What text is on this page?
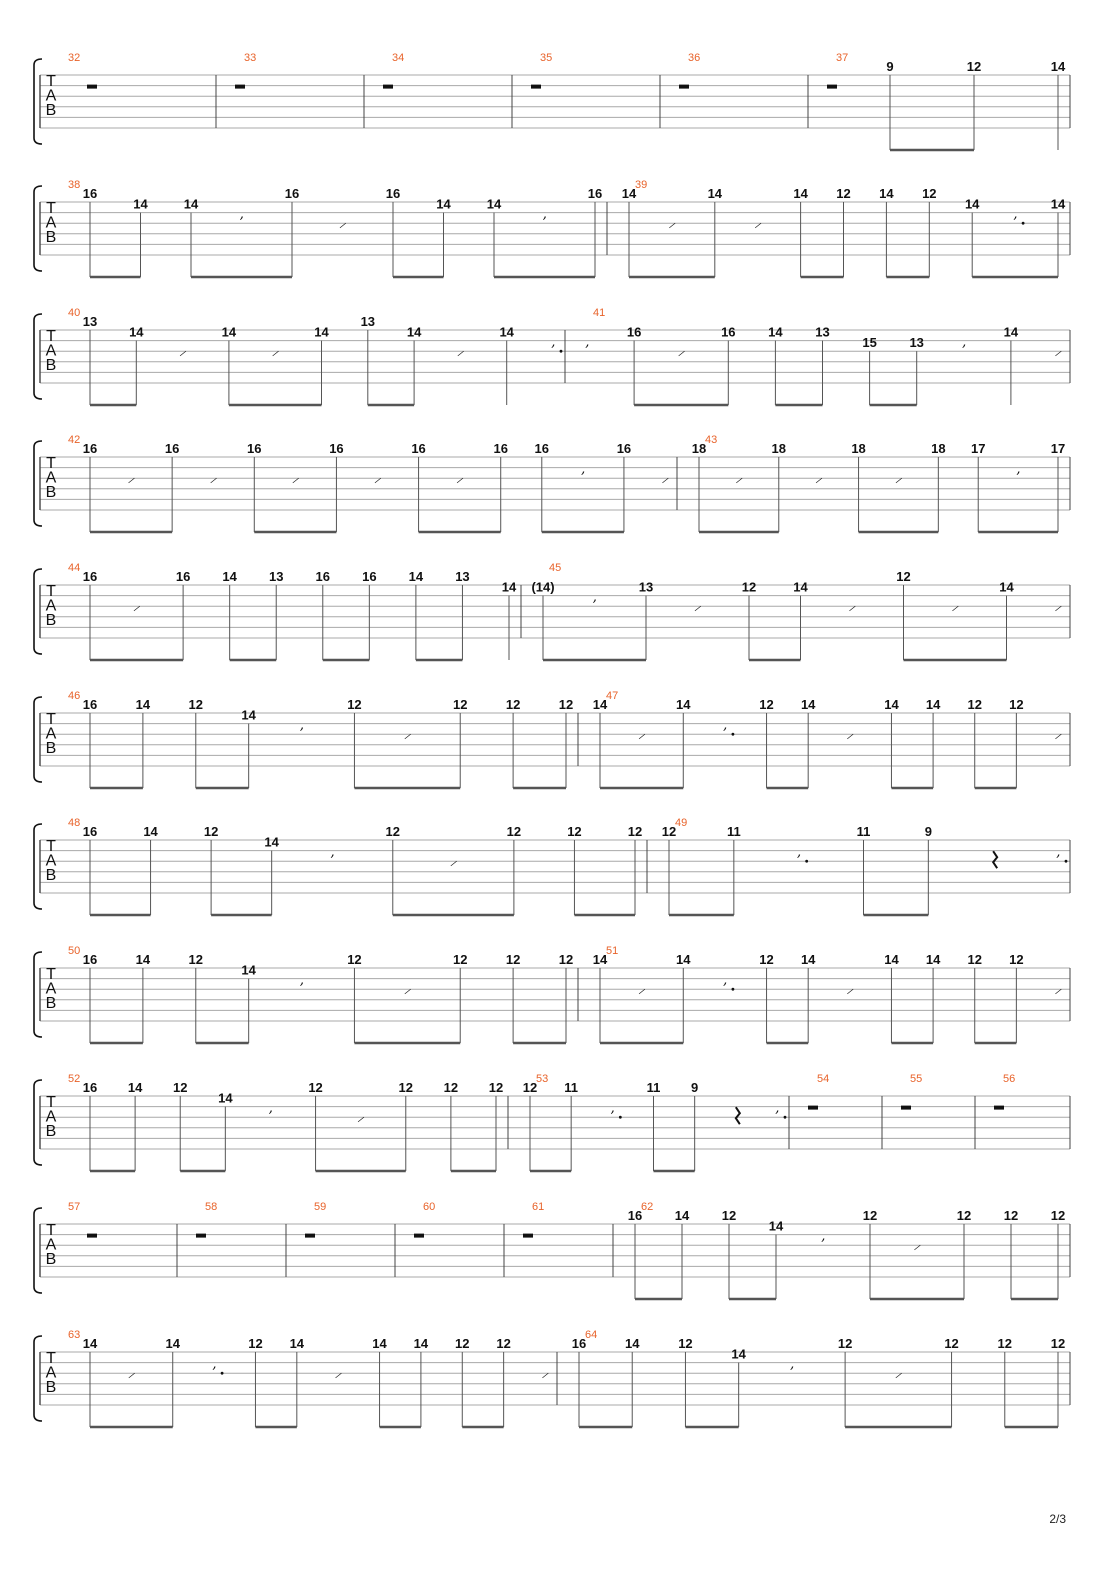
T
A
B
32	33	34	35	36	37
9	12	14
T
A
B
38
16
14	14
’
16
⸝
16
14	14
’
16
39
14
⸝
14
⸝
14 12 14 12
14
’
14
T
A
B
40
13
14
⸝
14
⸝
14
13
14
⸝
14
’
41
’
16
⸝
16	14	13
15	13
’
14
⸝
T
A
B
42
16
⸝
16
⸝
16
⸝
16
⸝
16
⸝
16 16
’
16
⸝
43
18
⸝
18
⸝
18
⸝
18 17
’
17
T
A
B
44
16
⸝
16 14 13 16 16 14 13
14
45
(14)
’
13
⸝
12	14
⸝
12
⸝
14
⸝
T
A
B
46
16	14	12
14
’
12
⸝
12	12	12
47
14
⸝
14
’
12 14
⸝
14 14 12 12
⸝
T
A
B
48
16	14	12
14
’
12
⸝
12	12	12
49
12	11
’
11	9
’
T
A
B
50
16	14	12
14
’
12
⸝
12	12	12
51
14
⸝
14
’
12 14
⸝
14 14 12 12
⸝
T
A
B
52
16 14 12
14
’
12
⸝
12 12 12
53
12 11
’
11 9
’
54	55	56
T
A
B
57	58	59	60	61	62
16	14	12
14
’
12
⸝
12	12	12
T
A
B
63
14
⸝
14
’
12 14
⸝
14 14 12 12
⸝
64
16	14	12
14
’
12
⸝
12	12	12
2/3
